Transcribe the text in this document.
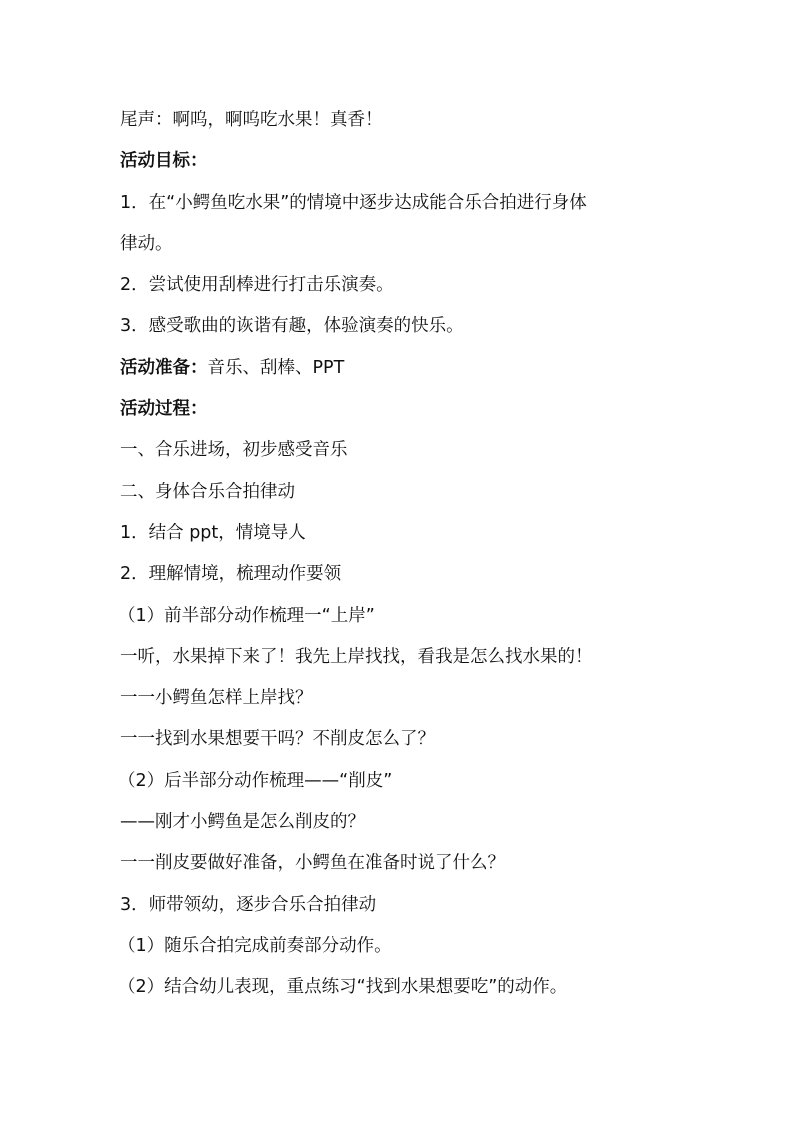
尾声：啊呜，啊呜吃水果！真香！
活动目标：
1．在“小鳄鱼吃水果”的情境中逐步达成能合乐合拍进行身体
律动。
2．尝试使用刮棒进行打击乐演奏。
3．感受歌曲的诙谐有趣，体验演奏的快乐。
活动准备：音乐、刮棒、PPT
活动过程：
一、合乐进场，初步感受音乐
二、身体合乐合拍律动
1．结合 ppt，情境导人
2．理解情境，梳理动作要领
（1）前半部分动作梳理一“上岸”
一听，水果掉下来了！我先上岸找找，看我是怎么找水果的！
一一小鳄鱼怎样上岸找？
一一找到水果想要干吗？不削皮怎么了？
（2）后半部分动作梳理——“削皮”
——刚才小鳄鱼是怎么削皮的？
一一削皮要做好准备，小鳄鱼在准备时说了什么？
3．师带领幼，逐步合乐合拍律动
（1）随乐合拍完成前奏部分动作。
（2）结合幼儿表现，重点练习“找到水果想要吃”的动作。
